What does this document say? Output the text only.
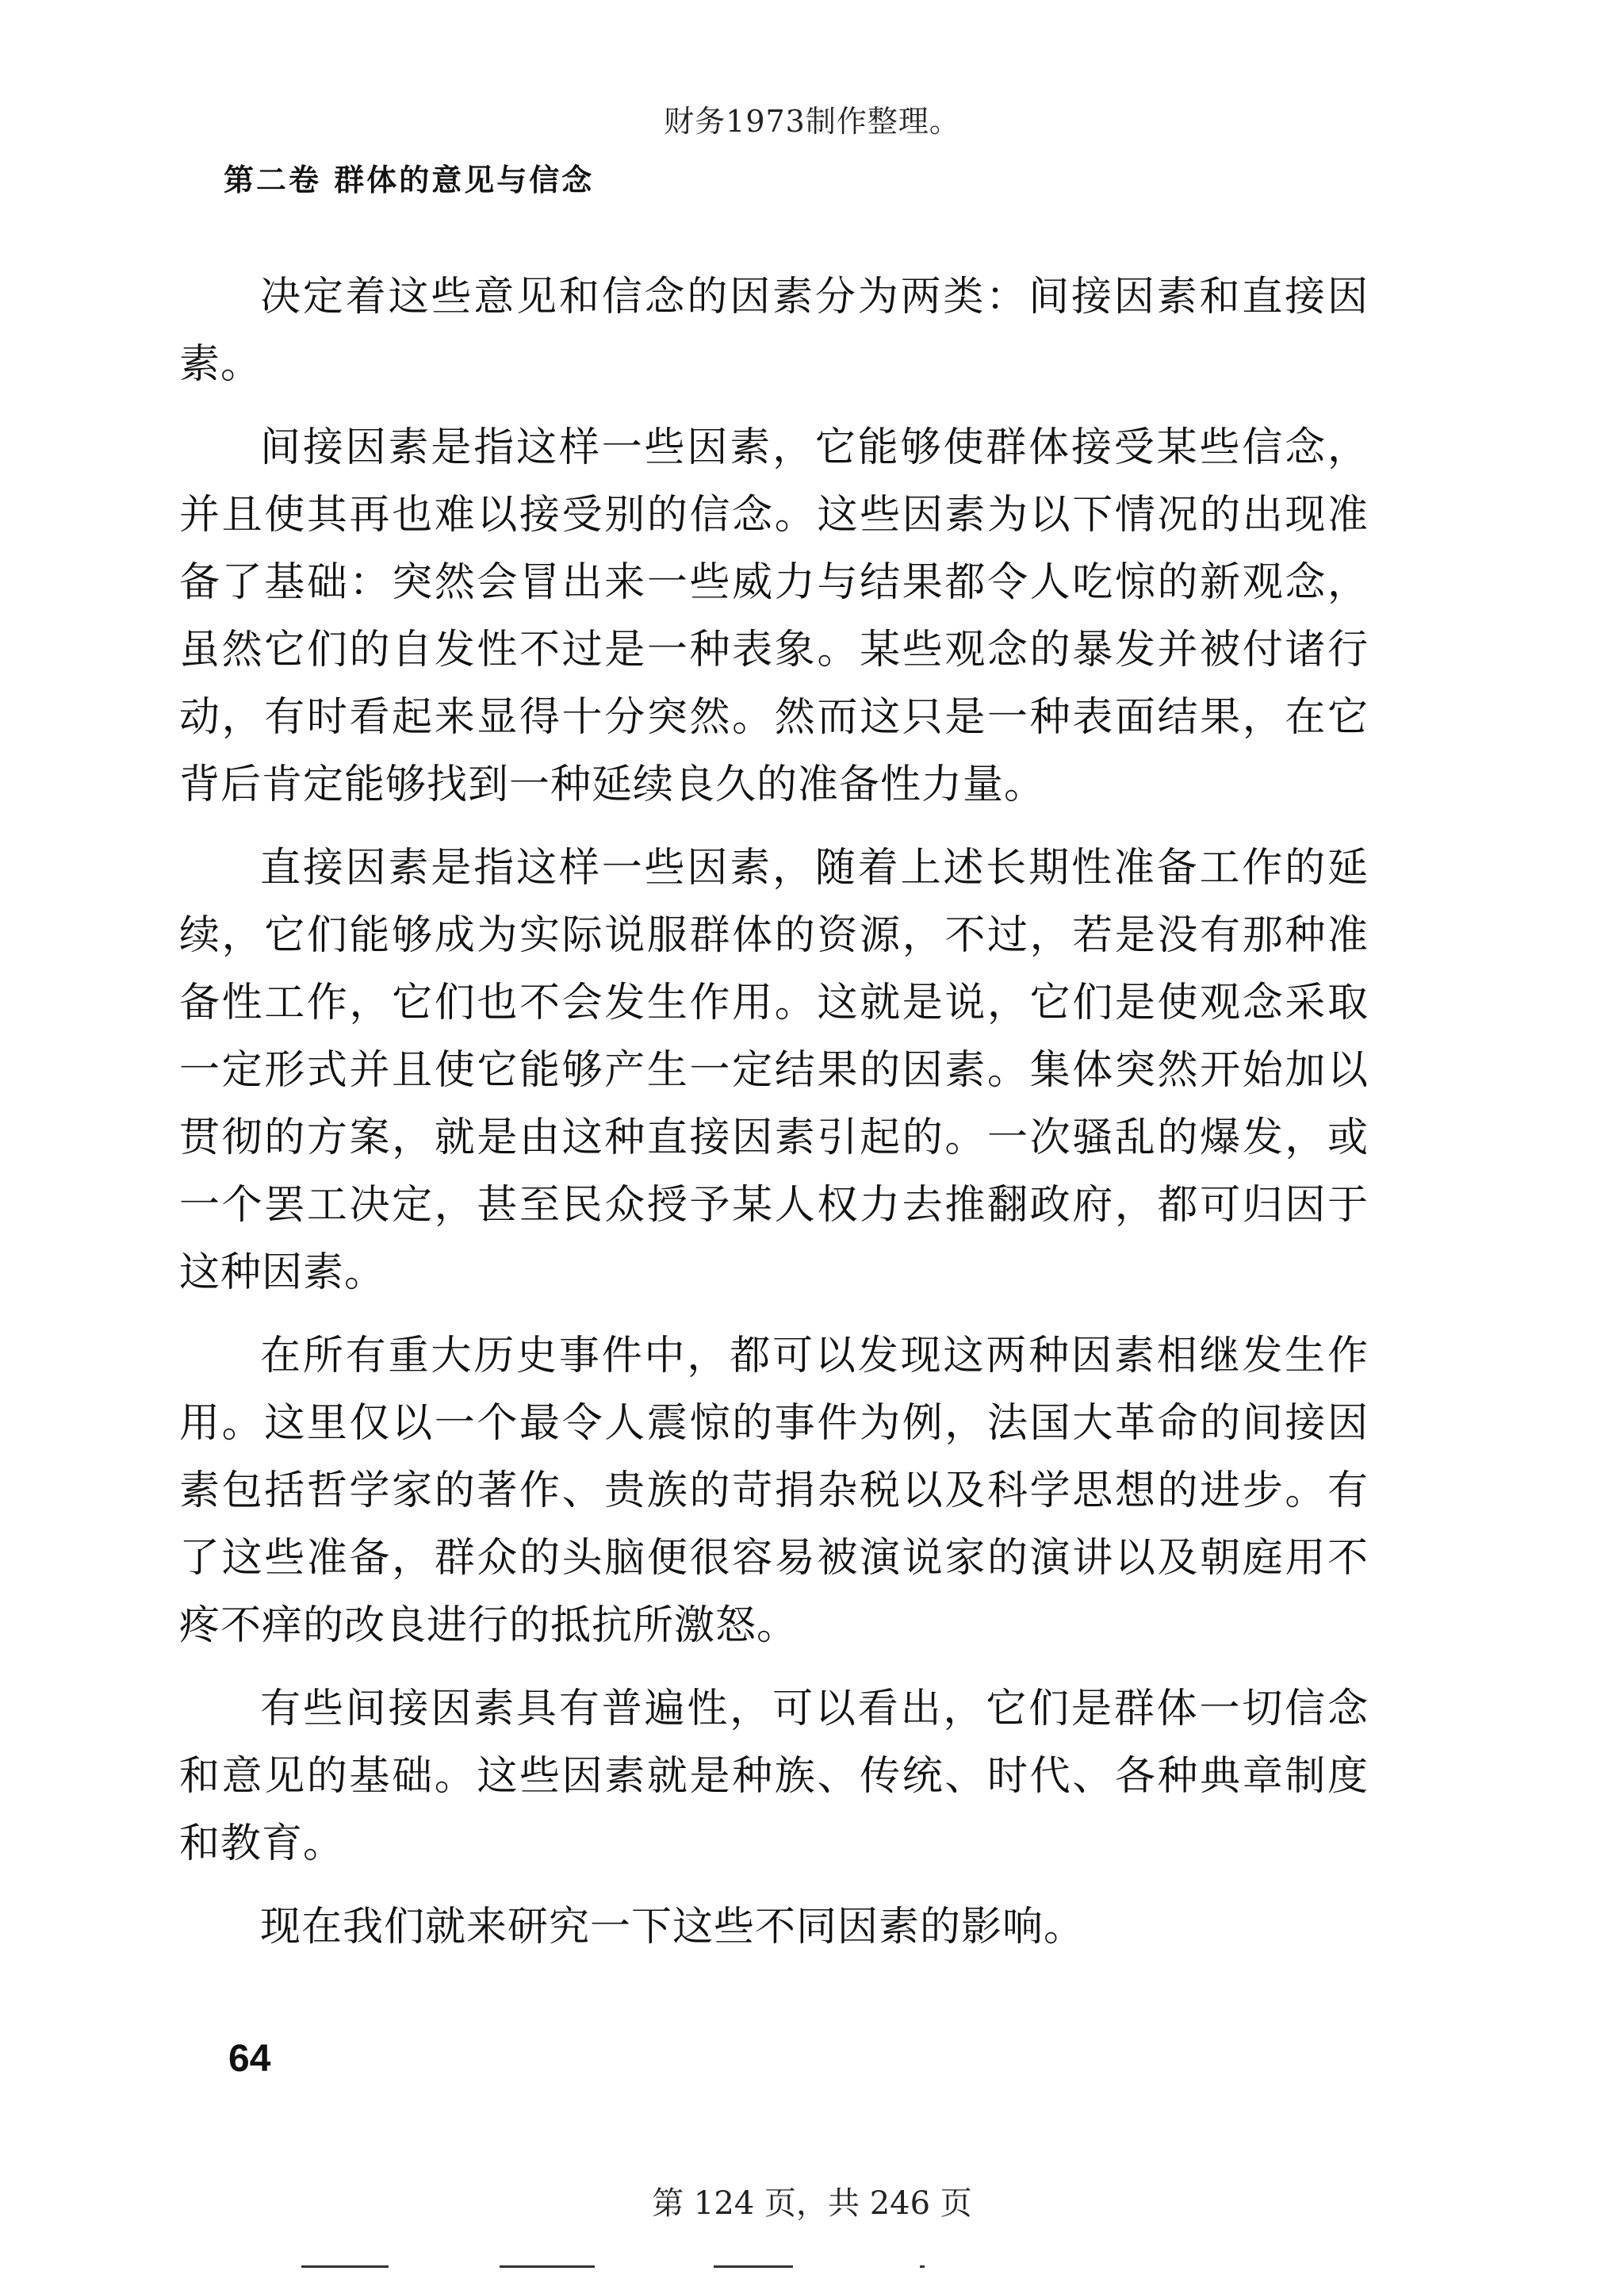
财务1973制作整理。
第二卷 群体的意见与信念

决定着这些意见和信念的因素分为两类：间接因素和直接因素。

间接因素是指这样一些因素，它能够使群体接受某些信念，并且使其再也难以接受别的信念。这些因素为以下情况的出现准备了基础：突然会冒出来一些威力与结果都令人吃惊的新观念，虽然它们的自发性不过是一种表象。某些观念的暴发并被付诸行动，有时看起来显得十分突然。然而这只是一种表面结果，在它背后肯定能够找到一种延续良久的准备性力量。

直接因素是指这样一些因素，随着上述长期性准备工作的延续，它们能够成为实际说服群体的资源，不过，若是没有那种准备性工作，它们也不会发生作用。这就是说，它们是使观念采取一定形式并且使它能够产生一定结果的因素。集体突然开始加以贯彻的方案，就是由这种直接因素引起的。一次骚乱的爆发，或一个罢工决定，甚至民众授予某人权力去推翻政府，都可归因于这种因素。

在所有重大历史事件中，都可以发现这两种因素相继发生作用。这里仅以一个最令人震惊的事件为例，法国大革命的间接因素包括哲学家的著作、贵族的苛捐杂税以及科学思想的进步。有了这些准备，群众的头脑便很容易被演说家的演讲以及朝庭用不疼不痒的改良进行的抵抗所激怒。

有些间接因素具有普遍性，可以看出，它们是群体一切信念和意见的基础。这些因素就是种族、传统、时代、各种典章制度和教育。

现在我们就来研究一下这些不同因素的影响。

64
第 124 页，共 246 页
